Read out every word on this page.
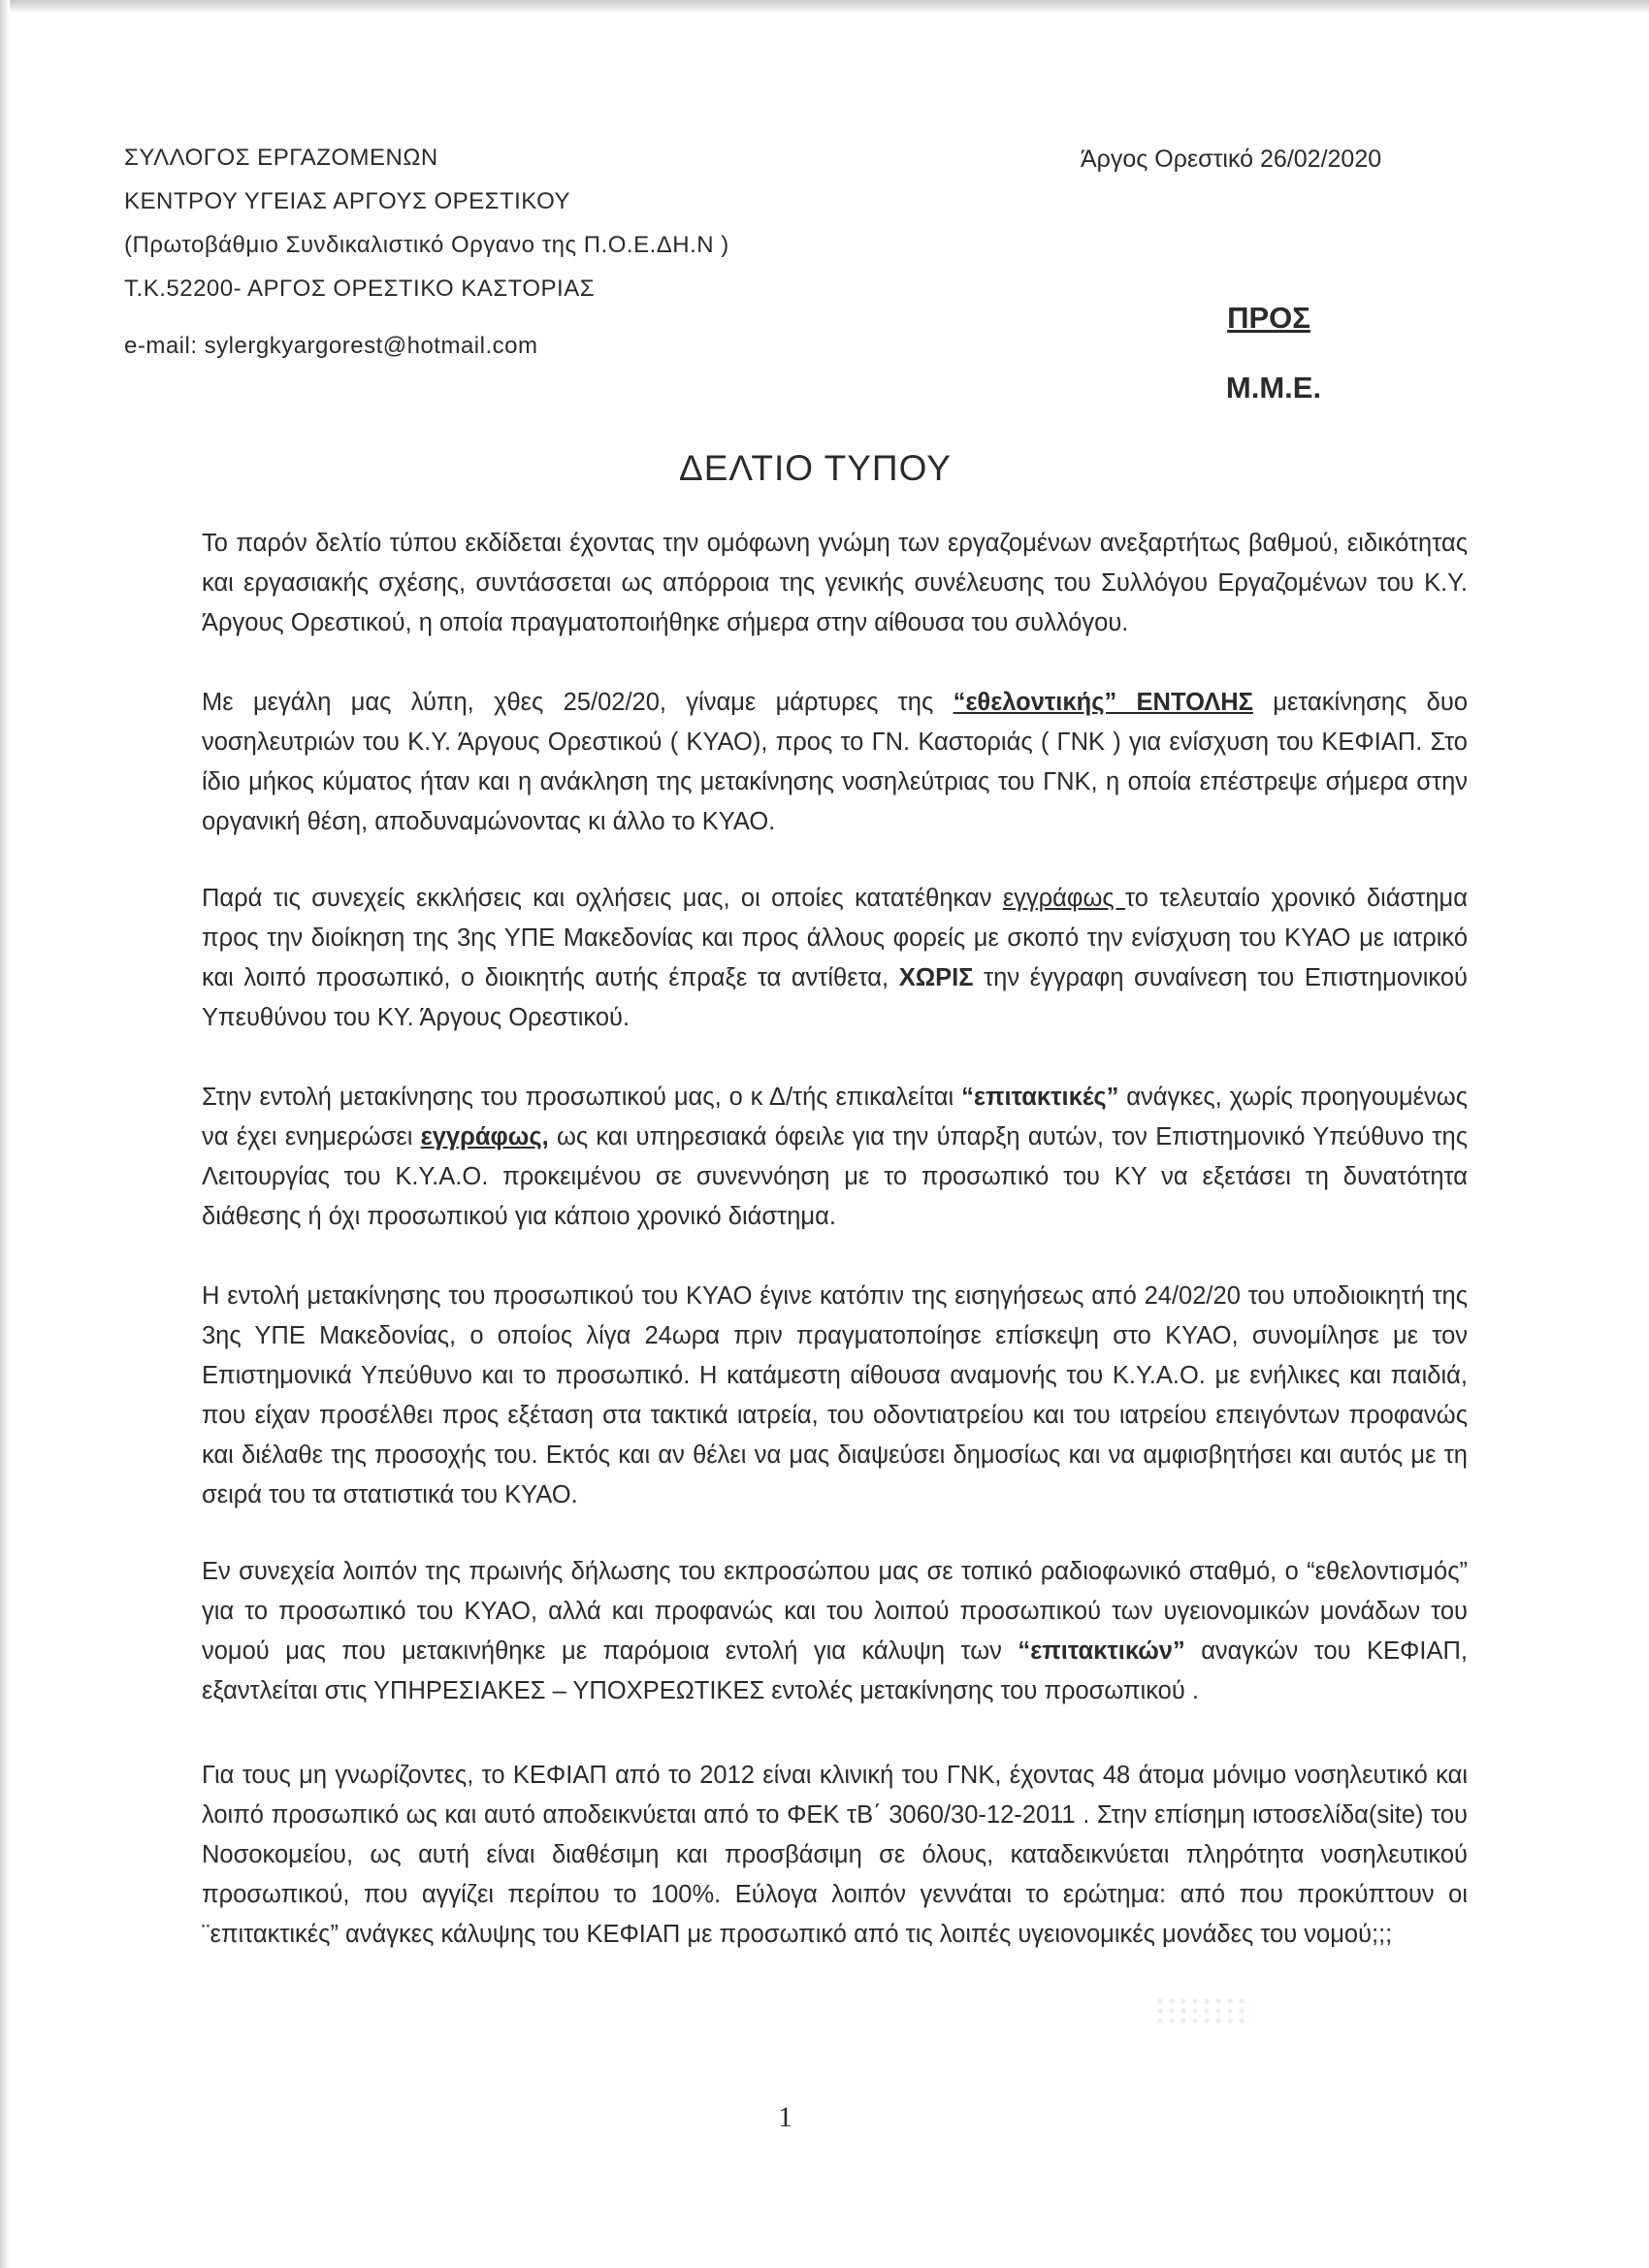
ΣΥΛΛΟΓΟΣ ΕΡΓΑΖΟΜΕΝΩΝ
ΚΕΝΤΡΟΥ ΥΓΕΙΑΣ ΑΡΓΟΥΣ ΟΡΕΣΤΙΚΟΥ
(Πρωτοβάθμιο Συνδικαλιστικό Οργανο της Π.Ο.Ε.ΔΗ.Ν )
Τ.Κ.52200- ΑΡΓΟΣ ΟΡΕΣΤΙΚΟ ΚΑΣΤΟΡΙΑΣ
e-mail: sylergkyargorest@hotmail.com
Άργος Ορεστικό 26/02/2020
ΠΡΟΣ
Μ.Μ.Ε.
ΔΕΛΤΙΟ ΤΥΠΟΥ
Το παρόν δελτίο τύπου εκδίδεται έχοντας την ομόφωνη γνώμη των εργαζομένων ανεξαρτήτως βαθμού, ειδικότητας και εργασιακής σχέσης, συντάσσεται ως απόρροια της γενικής συνέλευσης του Συλλόγου Εργαζομένων του Κ.Υ. Άργους Ορεστικού, η οποία πραγματοποιήθηκε σήμερα στην αίθουσα του συλλόγου.
Με μεγάλη μας λύπη, χθες 25/02/20, γίναμε μάρτυρες της “εθελοντικής” ΕΝΤΟΛΗΣ μετακίνησης δυο νοσηλευτριών του Κ.Υ. Άργους Ορεστικού ( ΚΥΑΟ), προς το ΓΝ. Καστοριάς ( ΓΝΚ ) για ενίσχυση του ΚΕΦΙΑΠ. Στο ίδιο μήκος κύματος ήταν και η ανάκληση της μετακίνησης νοσηλεύτριας του ΓΝΚ, η οποία επέστρεψε σήμερα στην οργανική θέση, αποδυναμώνοντας κι άλλο το ΚΥΑΟ.
Παρά τις συνεχείς εκκλήσεις και οχλήσεις μας, οι οποίες κατατέθηκαν εγγράφως το τελευταίο χρονικό διάστημα προς την διοίκηση της 3ης ΥΠΕ Μακεδονίας και προς άλλους φορείς με σκοπό την ενίσχυση του ΚΥΑΟ με ιατρικό και λοιπό προσωπικό, ο διοικητής αυτής έπραξε τα αντίθετα, ΧΩΡΙΣ την έγγραφη συναίνεση του Επιστημονικού Υπευθύνου του ΚΥ. Άργους Ορεστικού.
Στην εντολή μετακίνησης του προσωπικού μας, ο κ Δ/τής επικαλείται “επιτακτικές” ανάγκες, χωρίς προηγουμένως να έχει ενημερώσει εγγράφως, ως και υπηρεσιακά όφειλε για την ύπαρξη αυτών, τον Επιστημονικό Υπεύθυνο της Λειτουργίας του Κ.Υ.Α.Ο. προκειμένου σε συνεννόηση με το προσωπικό του ΚΥ να εξετάσει τη δυνατότητα διάθεσης ή όχι προσωπικού για κάποιο χρονικό διάστημα.
Η εντολή μετακίνησης του προσωπικού του ΚΥΑΟ έγινε κατόπιν της εισηγήσεως από 24/02/20 του υποδιοικητή της 3ης ΥΠΕ Μακεδονίας, ο οποίος λίγα 24ωρα πριν πραγματοποίησε επίσκεψη στο ΚΥΑΟ, συνομίλησε με τον Επιστημονικά Υπεύθυνο και το προσωπικό. Η κατάμεστη αίθουσα αναμονής του Κ.Υ.Α.Ο. με ενήλικες και παιδιά, που είχαν προσέλθει προς εξέταση στα τακτικά ιατρεία, του οδοντιατρείου και του ιατρείου επειγόντων προφανώς και διέλαθε της προσοχής του. Εκτός και αν θέλει να μας διαψεύσει δημοσίως και να αμφισβητήσει και αυτός με τη σειρά του τα στατιστικά του ΚΥΑΟ.
Εν συνεχεία λοιπόν της πρωινής δήλωσης του εκπροσώπου μας σε τοπικό ραδιοφωνικό σταθμό, ο “εθελοντισμός” για το προσωπικό του ΚΥΑΟ, αλλά και προφανώς και του λοιπού προσωπικού των υγειονομικών μονάδων του νομού μας που μετακινήθηκε με παρόμοια εντολή για κάλυψη των “επιτακτικών” αναγκών του ΚΕΦΙΑΠ, εξαντλείται στις ΥΠΗΡΕΣΙΑΚΕΣ – ΥΠΟΧΡΕΩΤΙΚΕΣ εντολές μετακίνησης του προσωπικού .
Για τους μη γνωρίζοντες, το ΚΕΦΙΑΠ από το 2012 είναι κλινική του ΓΝΚ, έχοντας 48 άτομα μόνιμο νοσηλευτικό και λοιπό προσωπικό ως και αυτό αποδεικνύεται από το ΦΕΚ τΒ΄ 3060/30-12-2011 . Στην επίσημη ιστοσελίδα(site) του Νοσοκομείου, ως αυτή είναι διαθέσιμη και προσβάσιμη σε όλους, καταδεικνύεται πληρότητα νοσηλευτικού προσωπικού, που αγγίζει περίπου το 100%. Εύλογα λοιπόν γεννάται το ερώτημα: από που προκύπτουν οι ¨επιτακτικές” ανάγκες κάλυψης του ΚΕΦΙΑΠ με προσωπικό από τις λοιπές υγειονομικές μονάδες του νομού;;;
1
